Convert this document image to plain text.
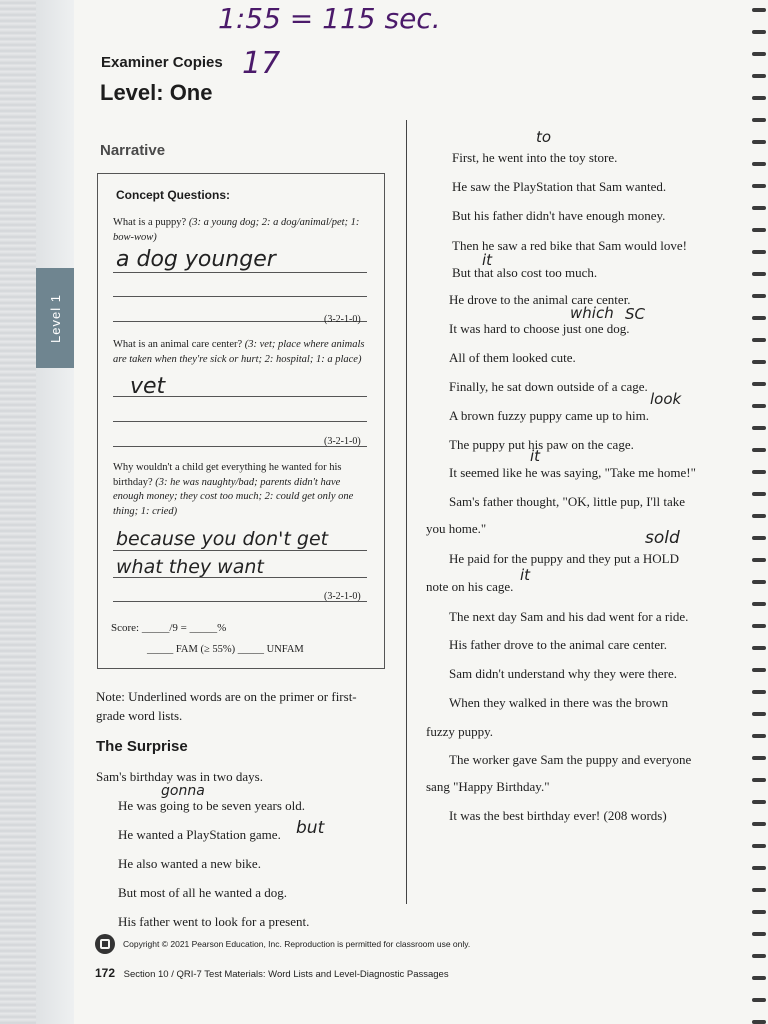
Level 1
1:55 = 115 sec.
17
Examiner Copies
Level: One
Narrative
Concept Questions:
What is a puppy? (3: a young dog; 2: a dog/animal/pet; 1: bow-wow)
a dog younger
(3-2-1-0)
What is an animal care center? (3: vet; place where animals are taken when they're sick or hurt; 2: hospital; 1: a place)
vet
(3-2-1-0)
Why wouldn't a child get everything he wanted for his birthday? (3: he was naughty/bad; parents didn't have enough money; they cost too much; 2: could get only one thing; 1: cried)
because you don't get
what they want
(3-2-1-0)
Score: _____/9 = _____%
_____ FAM (≥ 55%) _____ UNFAM
Note: Underlined words are on the primer or first-grade word lists.
The Surprise
Sam's birthday was in two days.
He was going to be seven years old.
He wanted a PlayStation game.
He also wanted a new bike.
But most of all he wanted a dog.
His father went to look for a present.
gonna
but
First, he went into the toy store.
He saw the PlayStation that Sam wanted.
But his father didn't have enough money.
Then he saw a red bike that Sam would love!
But that also cost too much.
He drove to the animal care center.
It was hard to choose just one dog.
All of them looked cute.
Finally, he sat down outside of a cage.
A brown fuzzy puppy came up to him.
The puppy put his paw on the cage.
It seemed like he was saying, "Take me home!"
Sam's father thought, "OK, little pup, I'll take
you home."
He paid for the puppy and they put a HOLD
note on his cage.
The next day Sam and his dad went for a ride.
His father drove to the animal care center.
Sam didn't understand why they were there.
When they walked in there was the brown
fuzzy puppy.
The worker gave Sam the puppy and everyone
sang "Happy Birthday."
It was the best birthday ever! (208 words)
to
it
which SC
look
it
sold
it
Copyright © 2021 Pearson Education, Inc. Reproduction is permitted for classroom use only.
172 Section 10 / QRI-7 Test Materials: Word Lists and Level-Diagnostic Passages
